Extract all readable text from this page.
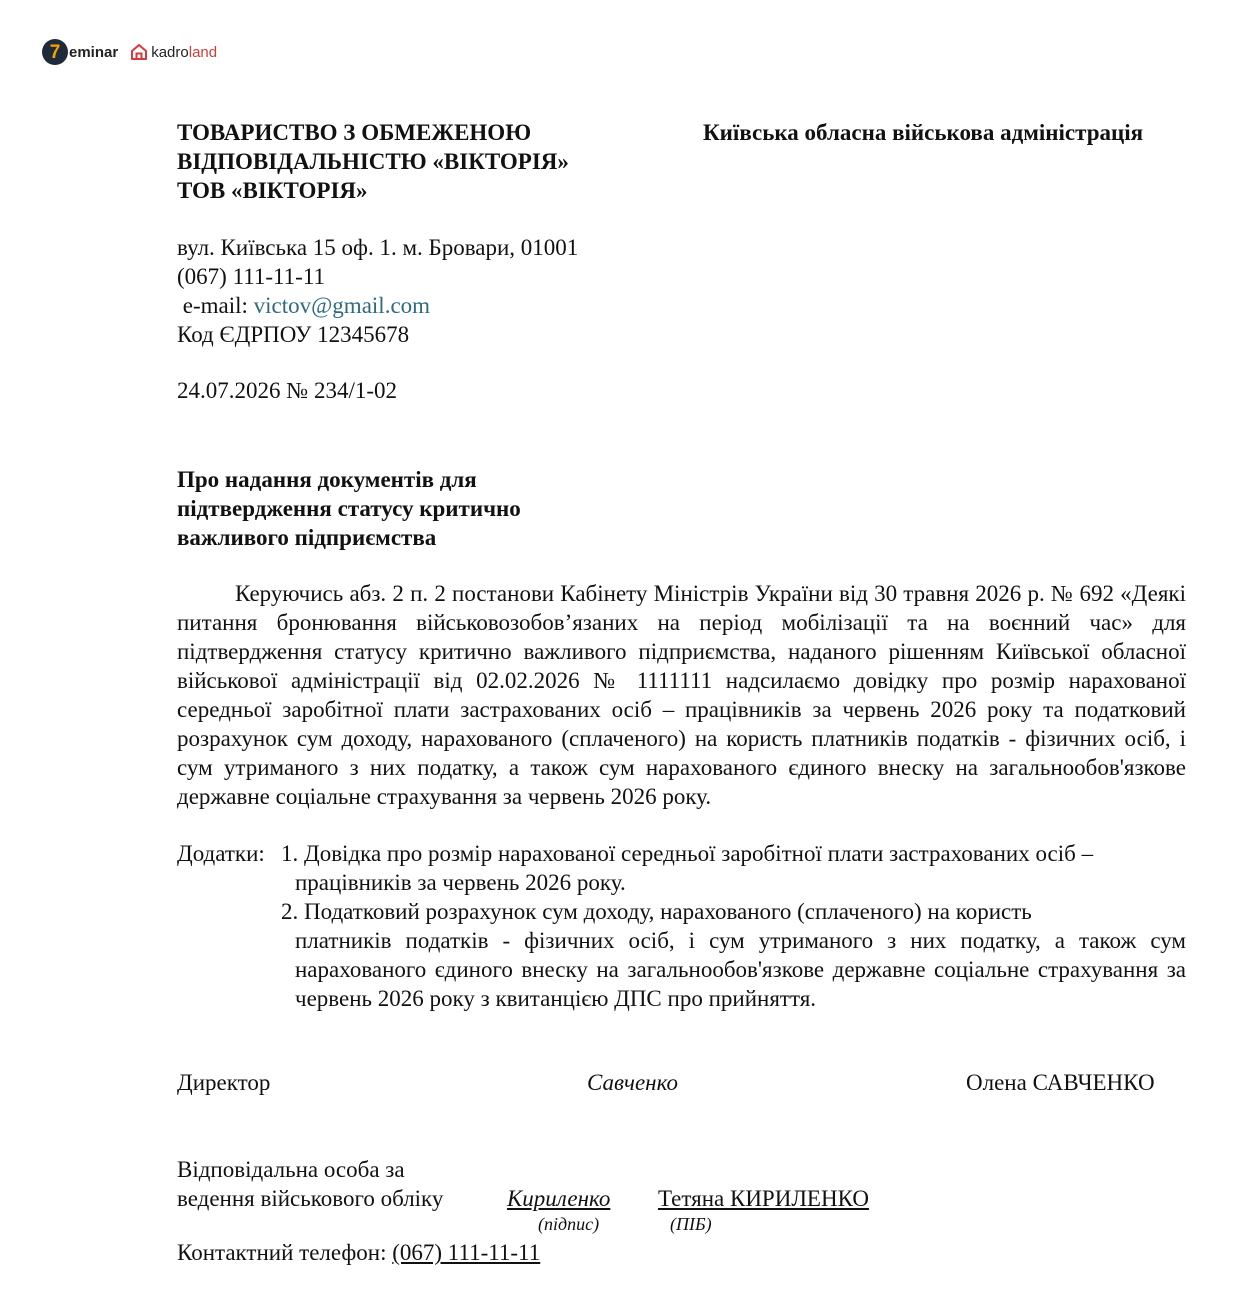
7 eminar kadro land
ТОВАРИСТВО З ОБМЕЖЕНОЮ
ВІДПОВІДАЛЬНІСТЮ «ВІКТОРІЯ»
ТОВ «ВІКТОРІЯ»
Київська обласна військова адміністрація
вул. Київська 15 оф. 1. м. Бровари, 01001
(067) 111-11-11
e-mail: victov@gmail.com
Код ЄДРПОУ 12345678
24.07.2026 № 234/1-02
Про надання документів для
підтвердження статусу критично
важливого підприємства

Керуючись абз. 2 п. 2 постанови Кабінету Міністрів України від 30 травня 2026 р. № 692 «Деякі питання бронювання військовозобов’язаних на період мобілізації та на воєнний час» для підтвердження статусу критично важливого підприємства, наданого рішенням Київської обласної військової адміністрації від 02.02.2026 № 1111111 надсилаємо довідку про розмір нарахованої середньої заробітної плати застрахованих осіб – працівників за червень 2026 року та податковий розрахунок сум доходу, нарахованого (сплаченого) на користь платників податків - фізичних осіб, і сум утриманого з них податку, а також сум нарахованого єдиного внеску на загальнообов'язкове державне соціальне страхування за червень 2026 року.

Додатки: 1. Довідка про розмір нарахованої середньої заробітної плати застрахованих осіб –
працівників за червень 2026 року.
2. Податковий розрахунок сум доходу, нарахованого (сплаченого) на користь
платників податків - фізичних осіб, і сум утриманого з них податку, а також сум нарахованого єдиного внеску на загальнообов'язкове державне соціальне страхування за червень 2026 року з квитанцією ДПС про прийняття.
Директор	Савченко	Олена САВЧЕНКО
Відповідальна особа за
ведення військового обліку	Кириленко Тетяна КИРИЛЕНКО
(підпис)	(ПІБ)
Контактний телефон: (067) 111-11-11
